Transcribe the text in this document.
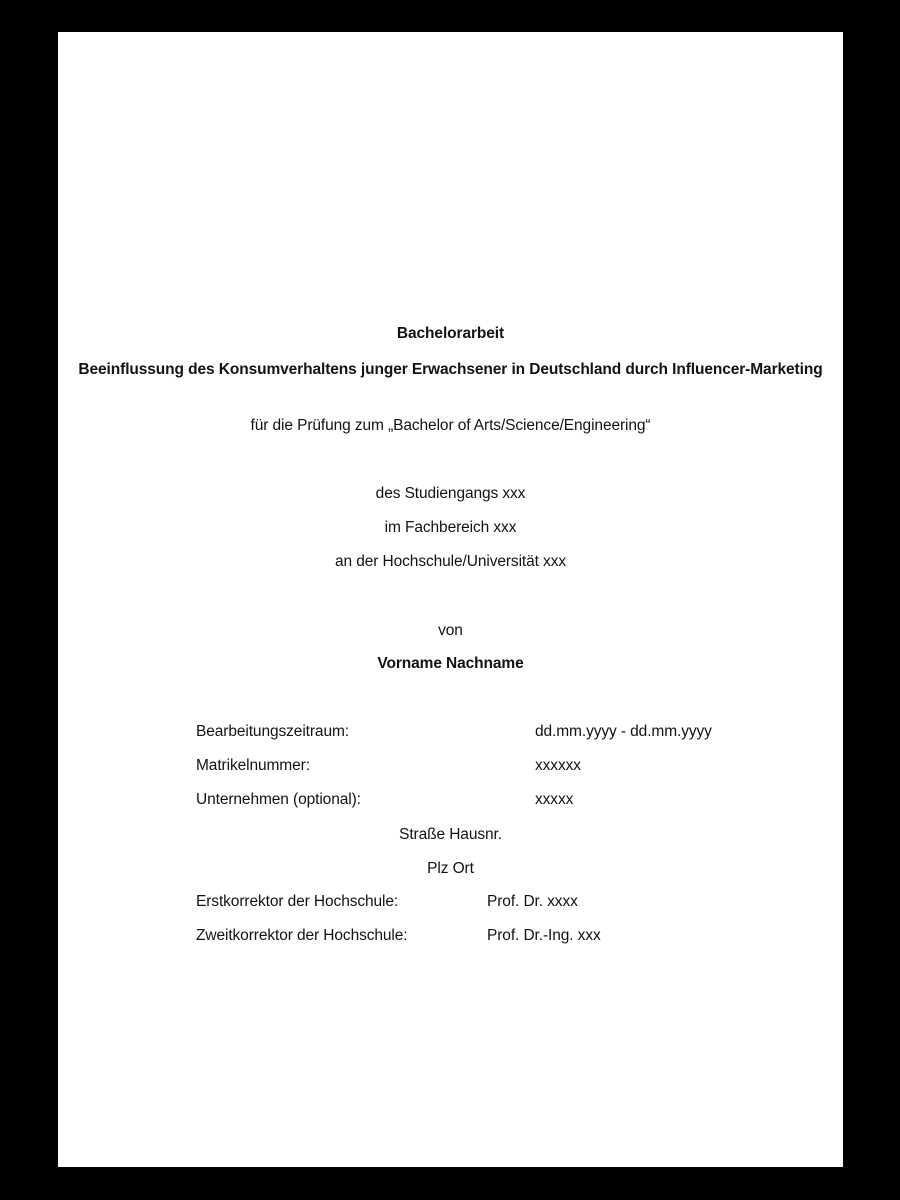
Bachelorarbeit
Beeinflussung des Konsumverhaltens junger Erwachsener in Deutschland durch Influencer-Marketing
für die Prüfung zum „Bachelor of Arts/Science/Engineering“
des Studiengangs xxx
im Fachbereich xxx
an der Hochschule/Universität xxx
von
Vorname Nachname
Bearbeitungszeitraum:	dd.mm.yyyy - dd.mm.yyyy
Matrikelnummer:	xxxxxx
Unternehmen (optional):	xxxxx
Straße Hausnr.
Plz Ort
Erstkorrektor der Hochschule:	Prof. Dr. xxxx
Zweitkorrektor der Hochschule:	Prof. Dr.-Ing. xxx
